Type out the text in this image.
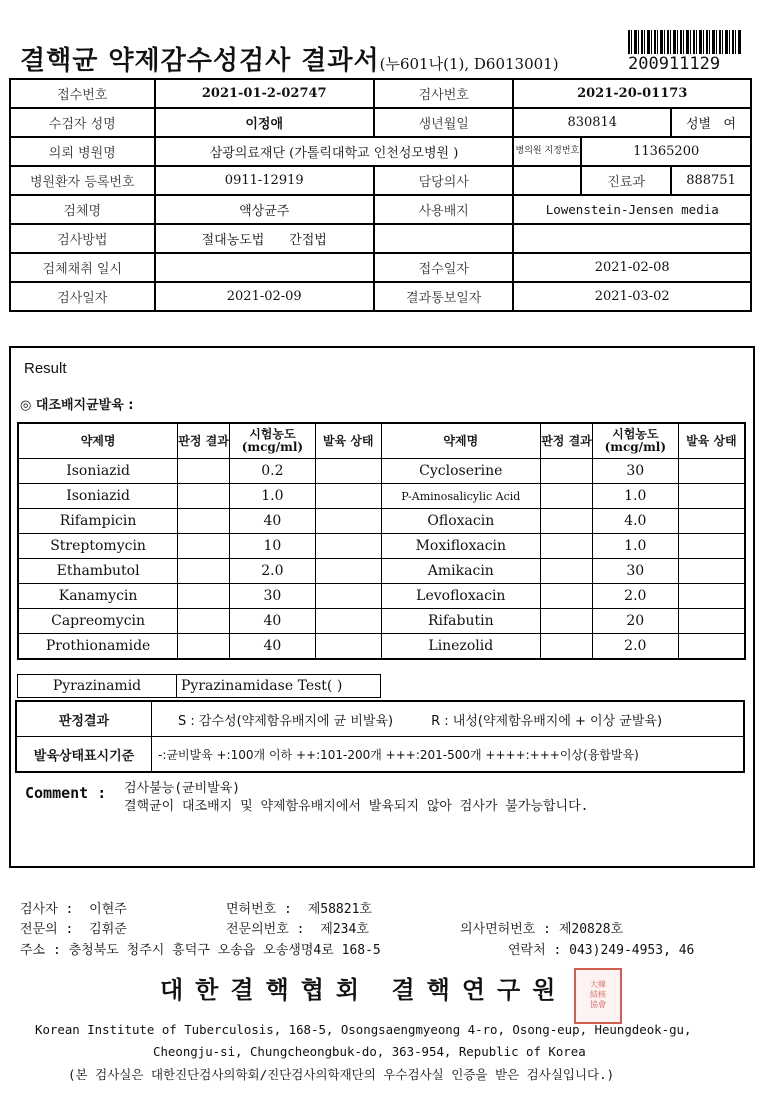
결핵균 약제감수성검사 결과서(누601나(1), D6013001)	200911129
접수번호	2021-01-2-02747	검사번호	2021-20-01173		
수검자 성명	이정애	생년월일	830814		성별 여
의뢰 병원명	삼광의료재단 (가톨릭대학교 인천성모병원 )		병의원 지정번호	11365200	
병원환자 등록번호	0911-12919	담당의사		진료과	888751
검체명	액상균주	사용배지	Lowenstein-Jensen media		
검사방법	절대농도법 간접법				
검체채취 일시		접수일자	2021-02-08		
검사일자	2021-02-09	결과통보일자	2021-03-02		
Result
◎ 대조배지균발육 :
약제명	판정 결과	시험농도 (mcg/ml)	발육 상태	약제명	판정 결과	시험농도 (mcg/ml)	발육 상태
Isoniazid		0.2		Cycloserine		30	
Isoniazid		1.0		P-Aminosalicylic Acid		1.0	
Rifampicin		40		Ofloxacin		4.0	
Streptomycin		10		Moxifloxacin		1.0	
Ethambutol		2.0		Amikacin		30	
Kanamycin		30		Levofloxacin		2.0	
Capreomycin		40		Rifabutin		20	
Prothionamide		40		Linezolid		2.0	
Pyrazinamid	Pyrazinamidase Test( )
판정결과	S : 감수성(약제함유배지에 균 비발육) R : 내성(약제함유배지에 + 이상 균발육)
발육상태표시기준	-:균비발육 +:100개 이하 ++:101-200개 +++:201-500개 ++++:+++이상(융합발육)
Comment : 검사불능(균비발육)
결핵균이 대조배지 및 약제함유배지에서 발육되지 않아 검사가 불가능합니다.
검사자 : 이현주	면허번호 : 제58821호
전문의 : 김휘준	전문의번호 : 제234호	의사면허번호 : 제20828호
주소 : 충청북도 청주시 흥덕구 오송읍 오송생명4로 168-5	연락처 : 043)249-4953, 46
대한결핵협회 결핵연구원	大韓
結核
協會
Korean Institute of Tuberculosis, 168-5, Osongsaengmyeong 4-ro, Osong-eup, Heungdeok-gu,
Cheongju-si, Chungcheongbuk-do, 363-954, Republic of Korea
(본 검사실은 대한진단검사의학회/진단검사의학재단의 우수검사실 인증을 받은 검사실입니다.)
